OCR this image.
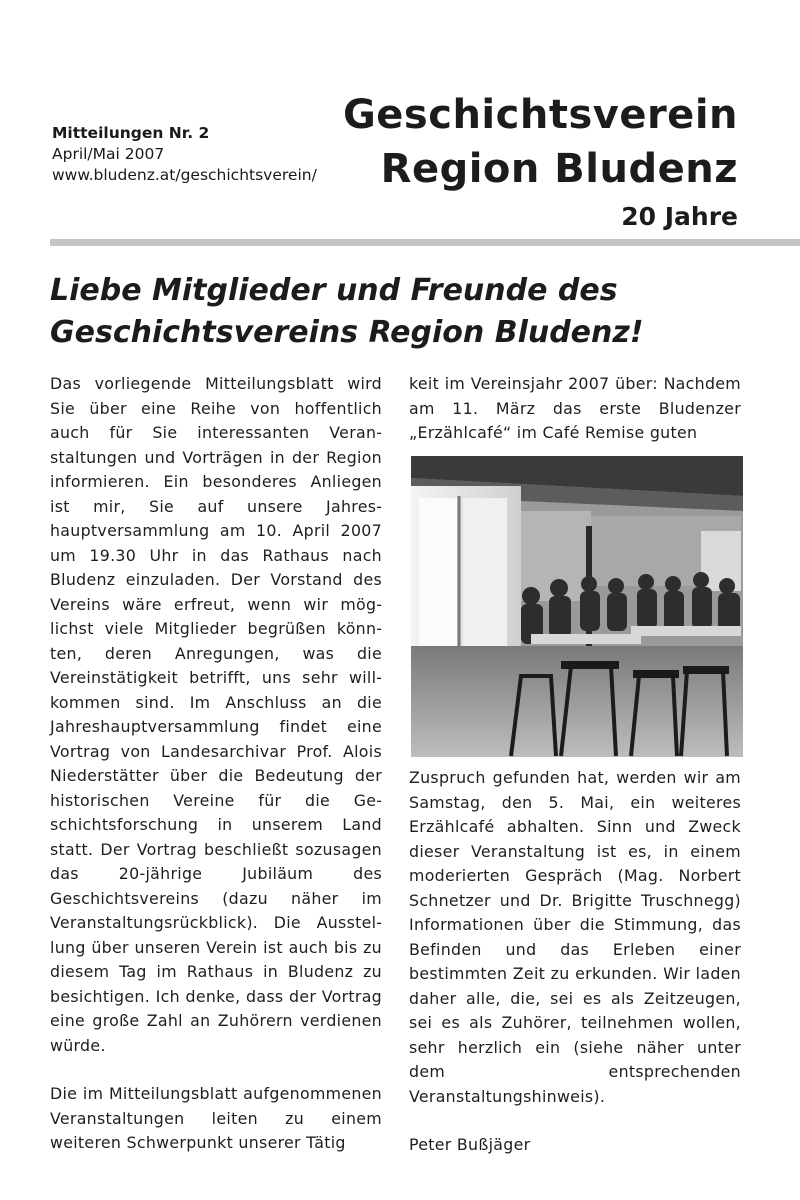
Mitteilungen Nr. 2
April/Mai 2007
www.bludenz.at/geschichtsverein/
Geschichtsverein
Region Bludenz
20 Jahre
Liebe Mitglieder und Freunde des
Geschichtsvereins Region Bludenz!

Das vorliegende Mitteilungsblatt wird Sie über eine Reihe von hoffentlich auch für Sie interessanten Veranstaltungen und Vorträgen in der Region informieren. Ein besonderes Anliegen ist mir, Sie auf unsere Jahreshauptversammlung am 10. April 2007 um 19.30 Uhr in das Rathaus nach Bludenz einzuladen. Der Vorstand des Vereins wäre erfreut, wenn wir möglichst viele Mitglieder begrüßen könnten, deren Anregungen, was die Vereinstätigkeit betrifft, uns sehr willkommen sind. Im Anschluss an die Jahreshauptversammlung findet eine Vortrag von Landesarchivar Prof. Alois Niederstätter über die Bedeutung der historischen Vereine für die Geschichtsforschung in unserem Land statt. Der Vortrag beschließt sozusagen das 20-jährige Jubiläum des Geschichtsvereins (dazu näher im Veranstaltungsrückblick). Die Ausstellung über unseren Verein ist auch bis zu diesem Tag im Rathaus in Bludenz zu besichtigen. Ich denke, dass der Vortrag eine große Zahl an Zuhörern verdienen würde.

Die im Mitteilungsblatt aufgenommenen Veranstaltungen leiten zu einem weiteren Schwerpunkt unserer Tätig

keit im Vereinsjahr 2007 über: Nachdem am 11. März das erste Bludenzer „Erzählcafé“ im Café Remise guten

Zuspruch gefunden hat, werden wir am Samstag, den 5. Mai, ein weiteres Erzählcafé abhalten. Sinn und Zweck dieser Veranstaltung ist es, in einem moderierten Gespräch (Mag. Norbert Schnetzer und Dr. Brigitte Truschnegg) Informationen über die Stimmung, das Befinden und das Erleben einer bestimmten Zeit zu erkunden. Wir laden daher alle, die, sei es als Zeitzeugen, sei es als Zuhörer, teilnehmen wollen, sehr herzlich ein (siehe näher unter dem entsprechenden Veranstaltungshinweis).

Peter Bußjäger
